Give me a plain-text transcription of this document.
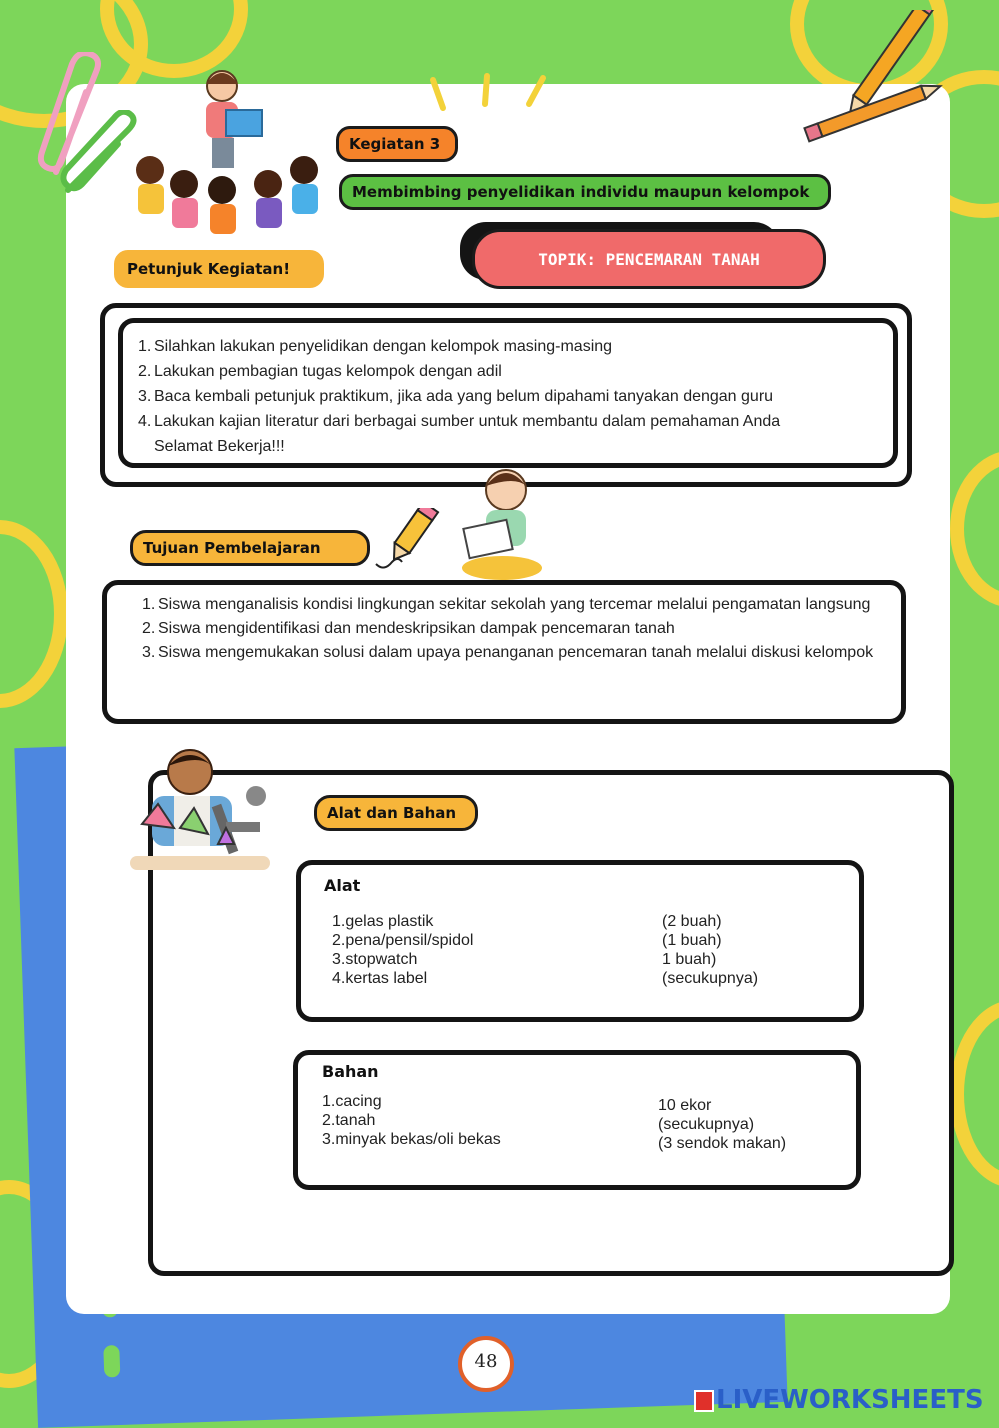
Kegiatan 3
Membimbing penyelidikan individu maupun kelompok
Petunjuk Kegiatan!
TOPIK: PENCEMARAN TANAH
1. Silahkan lakukan penyelidikan dengan kelompok masing-masing
2. Lakukan pembagian tugas kelompok dengan adil
3. Baca kembali petunjuk praktikum, jika ada yang belum dipahami tanyakan dengan guru
4. Lakukan kajian literatur dari berbagai sumber untuk membantu dalam pemahaman Anda
Selamat Bekerja!!!
Tujuan Pembelajaran
1. Siswa menganalisis kondisi lingkungan sekitar sekolah yang tercemar melalui pengamatan langsung
2. Siswa mengidentifikasi dan mendeskripsikan dampak pencemaran tanah
3. Siswa mengemukakan solusi dalam upaya penanganan pencemaran tanah melalui diskusi kelompok
Alat dan Bahan
Alat
1.gelas plastik	(2 buah)
2.pena/pensil/spidol	(1 buah)
3.stopwatch	1 buah)
4.kertas label	(secukupnya)
Bahan
1.cacing	10 ekor
2.tanah	(secukupnya)
3.minyak bekas/oli bekas	(3 sendok makan)
48
LIVEWORKSHEETS
